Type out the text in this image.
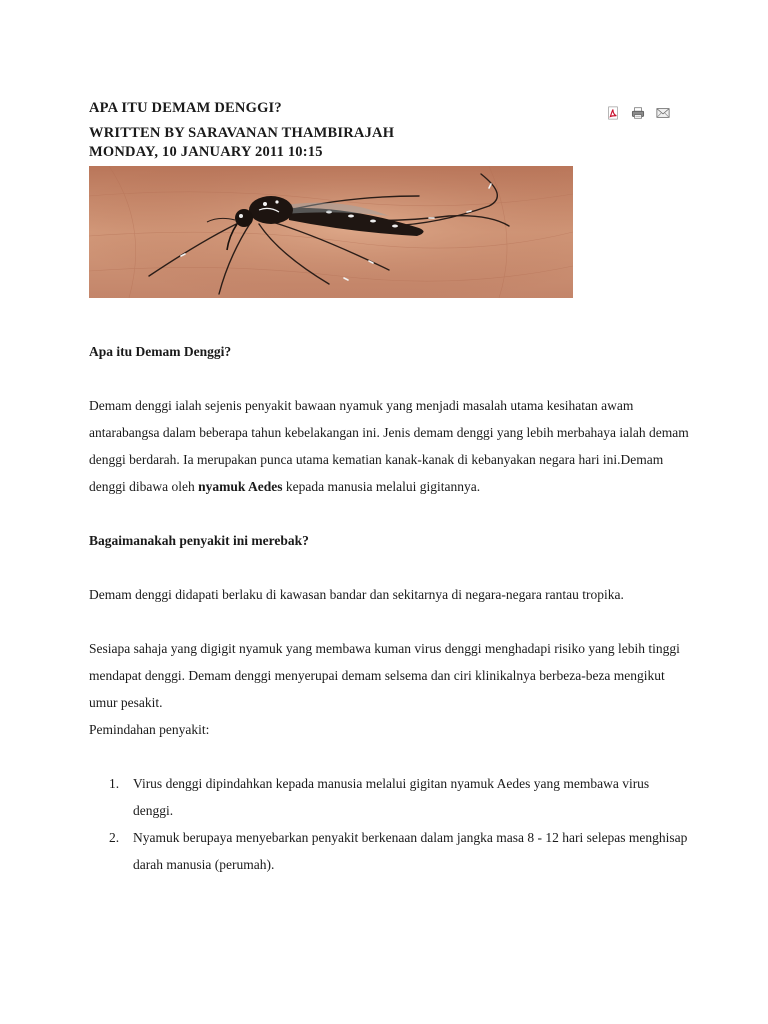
APA ITU DEMAM DENGGI?
WRITTEN BY SARAVANAN THAMBIRAJAH
MONDAY, 10 JANUARY 2011 10:15

Apa itu Demam Denggi?

Demam denggi ialah sejenis penyakit bawaan nyamuk yang menjadi masalah utama kesihatan awam antarabangsa dalam beberapa tahun kebelakangan ini. Jenis demam denggi yang lebih merbahaya ialah demam denggi berdarah. Ia merupakan punca utama kematian kanak-kanak di kebanyakan negara hari ini.Demam denggi dibawa oleh nyamuk Aedes kepada manusia melalui gigitannya.

Bagaimanakah penyakit ini merebak?

Demam denggi didapati berlaku di kawasan bandar dan sekitarnya di negara-negara rantau tropika.

Sesiapa sahaja yang digigit nyamuk yang membawa kuman virus denggi menghadapi risiko yang lebih tinggi mendapat denggi. Demam denggi menyerupai demam selsema dan ciri klinikalnya berbeza-beza mengikut umur pesakit.

Pemindahan penyakit:

1. Virus denggi dipindahkan kepada manusia melalui gigitan nyamuk Aedes yang membawa virus denggi.
2. Nyamuk berupaya menyebarkan penyakit berkenaan dalam jangka masa 8 - 12 hari selepas menghisap darah manusia (perumah).
